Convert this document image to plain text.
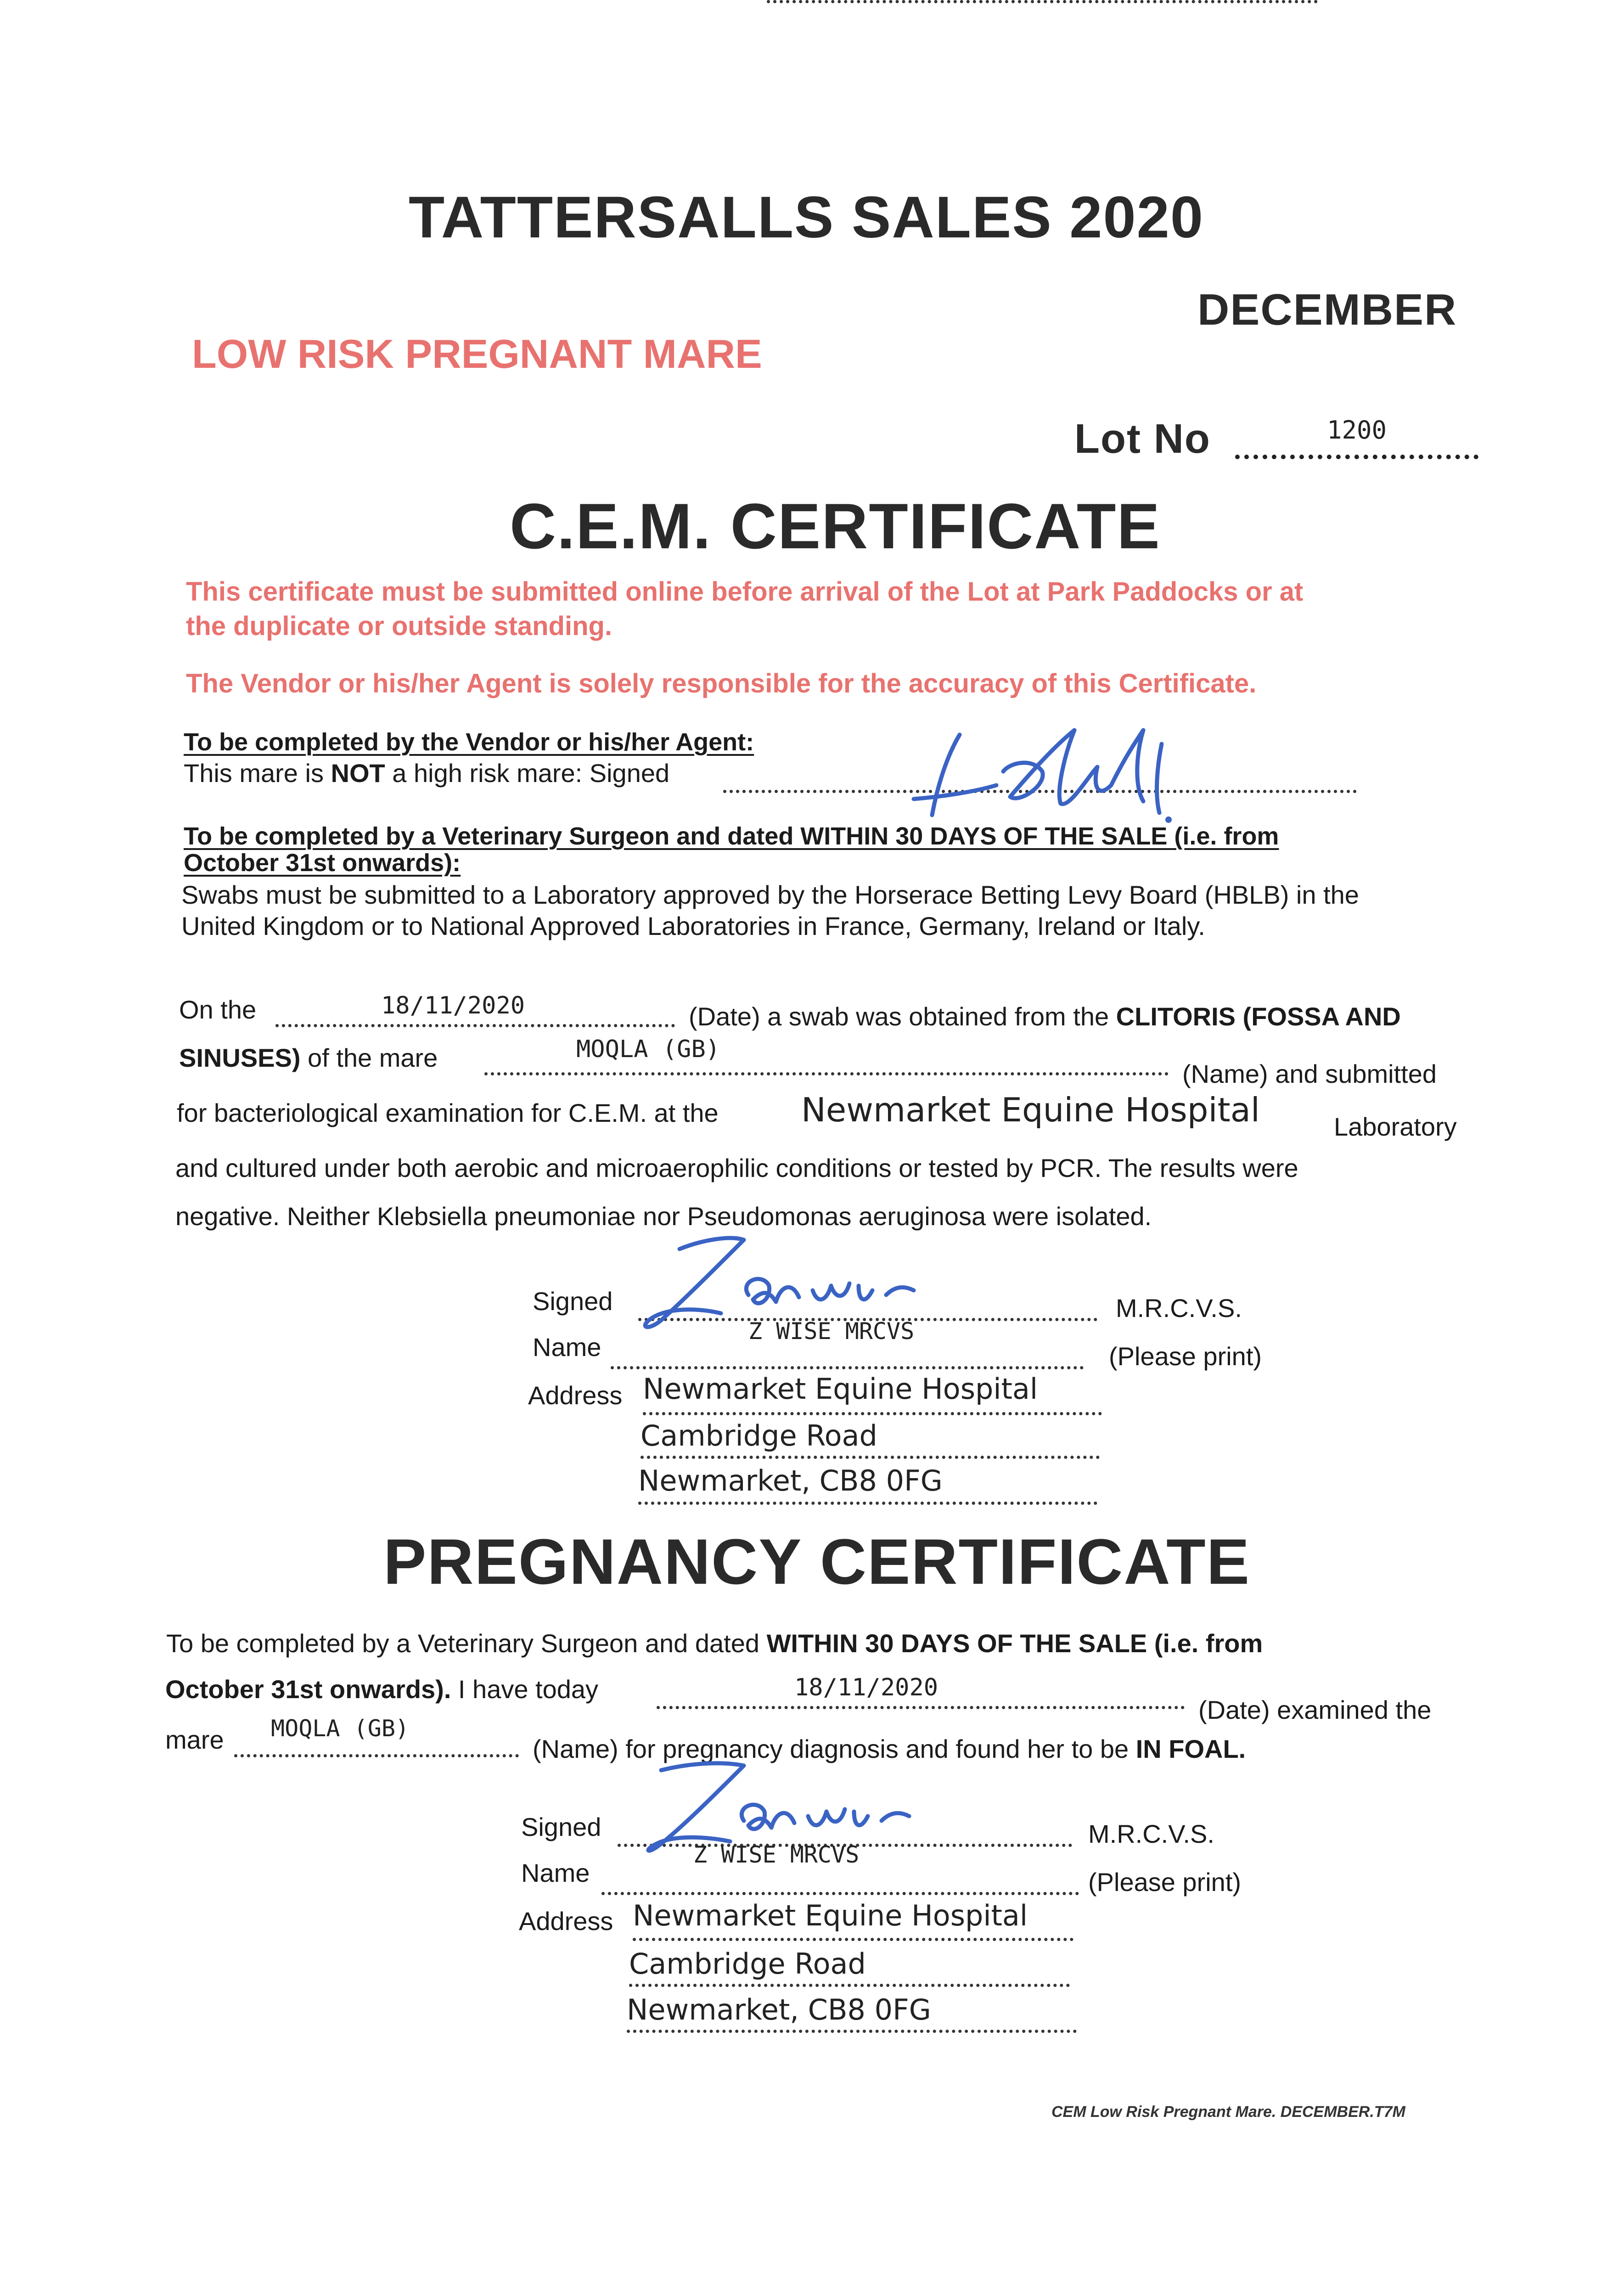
TATTERSALLS SALES 2020
DECEMBER
LOW RISK PREGNANT MARE
Lot No	1200
C.E.M. CERTIFICATE
This certificate must be submitted online before arrival of the Lot at Park Paddocks or at
the duplicate or outside standing.
The Vendor or his/her Agent is solely responsible for the accuracy of this Certificate.
To be completed by the Vendor or his/her Agent:
This mare is NOT a high risk mare: Signed
To be completed by a Veterinary Surgeon and dated WITHIN 30 DAYS OF THE SALE (i.e. from
October 31st onwards):
Swabs must be submitted to a Laboratory approved by the Horserace Betting Levy Board (HBLB) in the
United Kingdom or to National Approved Laboratories in France, Germany, Ireland or Italy.
On the	18/11/2020	(Date) a swab was obtained from the CLITORIS (FOSSA AND
SINUSES) of the mare	MOQLA (GB)
(Name) and submitted
for bacteriological examination for C.E.M. at the	Newmarket Equine Hospital	Laboratory
and cultured under both aerobic and microaerophilic conditions or tested by PCR. The results were
negative. Neither Klebsiella pneumoniae nor Pseudomonas aeruginosa were isolated.
Signed	M.R.C.V.S.
Name
Z WISE MRCVS
(Please print)
Address Newmarket Equine Hospital
Cambridge Road
Newmarket, CB8 0FG
PREGNANCY CERTIFICATE
To be completed by a Veterinary Surgeon and dated WITHIN 30 DAYS OF THE SALE (i.e. from
October 31st onwards). I have today	18/11/2020
(Date) examined the
mare MOQLA (GB)
(Name) for pregnancy diagnosis and found her to be IN FOAL.
Signed	M.R.C.V.S.
Name
Z WISE MRCVS
(Please print)
Address Newmarket Equine Hospital
Cambridge Road
Newmarket, CB8 0FG
CEM Low Risk Pregnant Mare. DECEMBER.T7M
